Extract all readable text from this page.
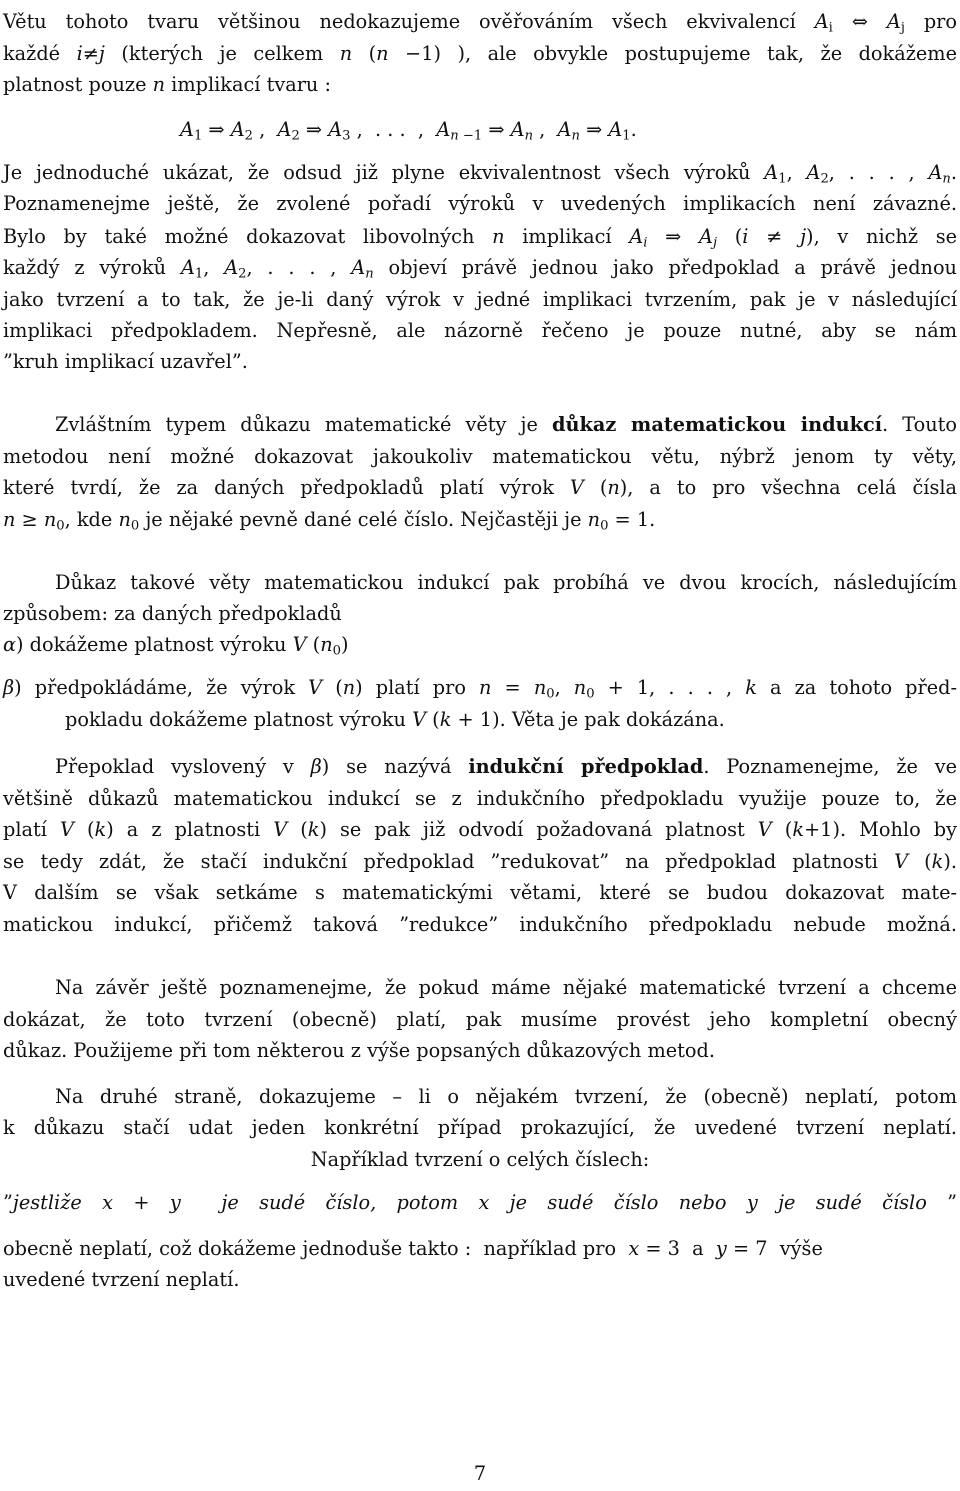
Větu tohoto tvaru většinou nedokazujeme ověřováním všech ekvivalencí $A_i$ ⇔ $A_j$ pro
každé i≠j (kterých je celkem n (n −1) ), ale obvykle postupujeme tak, že dokážeme
platnost pouze n implikací tvaru :
$A_1$ ⇒ $A_2$ ,  $A_2$ ⇒ $A_3$ ,  . . .  ,  $A_{n -1}$ ⇒ $A_n$ ,  $A_n$ ⇒ $A_1$.
Je jednoduché ukázat, že odsud již plyne ekvivalentnost všech výroků $A_1$, $A_2$, . . . , $A_n$.
Poznamenejme ještě, že zvolené pořadí výroků v uvedených implikacích není závazné.
Bylo by také možné dokazovat libovolných n implikací $A_i$ ⇒ $A_j$ (i ≠ j), v nichž se
každý z výroků $A_1$, $A_2$, . . . , $A_n$ objeví právě jednou jako předpoklad a právě jednou
jako tvrzení a to tak, že je-li daný výrok v jedné implikaci tvrzením, pak je v následující
implikaci předpokladem. Nepřesně, ale názorně řečeno je pouze nutné, aby se nám
”kruh implikací uzavřel”.
Zvláštním typem důkazu matematické věty je důkaz matematickou indukcí. Touto
metodou není možné dokazovat jakoukoliv matematickou větu, nýbrž jenom ty věty,
které tvrdí, že za daných předpokladů platí výrok V (n), a to pro všechna celá čísla
$n \ge n_0$, kde $n_0$ je nějaké pevně dané celé číslo. Nejčastěji je $n_0 = 1$.
Důkaz takové věty matematickou indukcí pak probíhá ve dvou krocích, následujícím
způsobem: za daných předpokladů
α) dokážeme platnost výroku V $(n_0)$
β) předpokládáme, že výrok V (n) platí pro $n = n_0$, $n_0 + 1$, . . . , k a za tohoto před-
pokladu dokážeme platnost výroku V (k + 1). Věta je pak dokázána.
Přepoklad vyslovený v β) se nazývá indukční předpoklad. Poznamenejme, že ve
většině důkazů matematickou indukcí se z indukčního předpokladu využije pouze to, že
platí V (k) a z platnosti V (k) se pak již odvodí požadovaná platnost V (k+1). Mohlo by
se tedy zdát, že stačí indukční předpoklad ”redukovat” na předpoklad platnosti V (k).
V dalším se však setkáme s matematickými větami, které se budou dokazovat mate-
matickou indukcí, přičemž taková ”redukce” indukčního předpokladu nebude možná.
Na závěr ještě poznamenejme, že pokud máme nějaké matematické tvrzení a chceme
dokázat, že toto tvrzení (obecně) platí, pak musíme provést jeho kompletní obecný
důkaz. Použijeme při tom některou z výše popsaných důkazových metod.
Na druhé straně, dokazujeme – li o nějakém tvrzení, že (obecně) neplatí, potom
k důkazu stačí udat jeden konkrétní případ prokazující, že uvedené tvrzení neplatí.
Například tvrzení o celých číslech:
”jestliže x + y  je sudé číslo, potom x je sudé číslo nebo y je sudé číslo ”
obecně neplatí, což dokážeme jednoduše takto :  například pro  x = 3  a  y = 7  výše
uvedené tvrzení neplatí.
7
